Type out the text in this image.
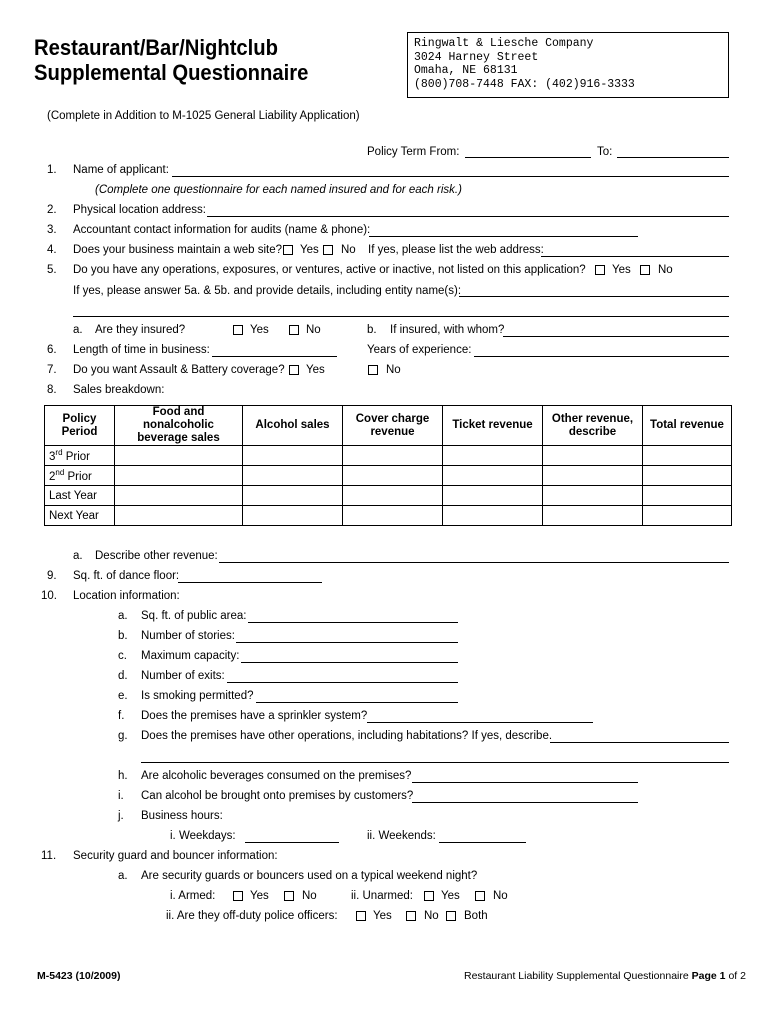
Restaurant/Bar/Nightclub
Supplemental Questionnaire
Ringwalt & Liesche Company
3024 Harney Street
Omaha, NE 68131
(800)708-7448 FAX: (402)916-3333
(Complete in Addition to M-1025 General Liability Application)
Policy Term From:	To:
1. Name of applicant:
(Complete one questionnaire for each named insured and for each risk.)
2. Physical location address:
3. Accountant contact information for audits (name & phone):
4. Does your business maintain a web site? Yes No If yes, please list the web address:
5. Do you have any operations, exposures, or ventures, active or inactive, not listed on this application? Yes No
If yes, please answer 5a. & 5b. and provide details, including entity name(s):
a. Are they insured?	Yes	No	b. If insured, with whom?
6. Length of time in business:	Years of experience:
7. Do you want Assault & Battery coverage? Yes	No
8. Sales breakdown:
Policy Period	Food and nonalcoholic beverage sales	Alcohol sales	Cover charge revenue	Ticket revenue	Other revenue, describe	Total revenue
3rd Prior						
2nd Prior						
Last Year						
Next Year						
a. Describe other revenue:
9. Sq. ft. of dance floor:
10. Location information:
a. Sq. ft. of public area:
b. Number of stories:
c. Maximum capacity:
d. Number of exits:
e. Is smoking permitted?
f. Does the premises have a sprinkler system?
g. Does the premises have other operations, including habitations? If yes, describe.
h. Are alcoholic beverages consumed on the premises?
i. Can alcohol be brought onto premises by customers?
j. Business hours:
i. Weekdays:	ii. Weekends:
11. Security guard and bouncer information:
a. Are security guards or bouncers used on a typical weekend night?
i. Armed:	Yes	No	ii. Unarmed: Yes	No
ii. Are they off-duty police officers:	Yes	No Both
M-5423 (10/2009)	Restaurant Liability Supplemental Questionnaire Page 1 of 2
